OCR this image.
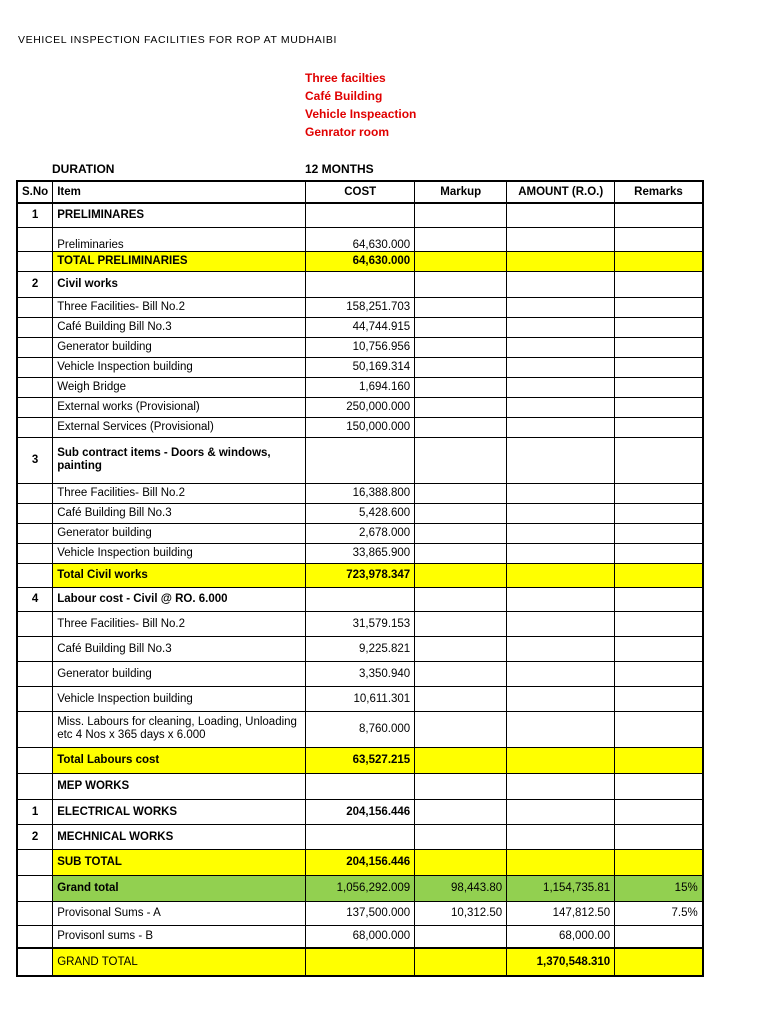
VEHICEL INSPECTION FACILITIES FOR ROP AT MUDHAIBI
Three facilties
Café Building
Vehicle Inspeaction
Genrator room
DURATION	12 MONTHS
S.No	Item	COST	Markup	AMOUNT (R.O.)	Remarks
1	PRELIMINARES				
	Preliminaries	64,630.000			
	TOTAL PRELIMINARIES	64,630.000			
2	Civil works				
	Three Facilities- Bill No.2	158,251.703			
	Café Building Bill No.3	44,744.915			
	Generator building	10,756.956			
	Vehicle Inspection building	50,169.314			
	Weigh Bridge	1,694.160			
	External works (Provisional)	250,000.000			
	External Services (Provisional)	150,000.000			
3	Sub contract items - Doors & windows, painting				
	Three Facilities- Bill No.2	16,388.800			
	Café Building Bill No.3	5,428.600			
	Generator building	2,678.000			
	Vehicle Inspection building	33,865.900			
	Total Civil works	723,978.347			
4	Labour cost - Civil @ RO. 6.000				
	Three Facilities- Bill No.2	31,579.153			
	Café Building Bill No.3	9,225.821			
	Generator building	3,350.940			
	Vehicle Inspection building	10,611.301			
	Miss. Labours for cleaning, Loading, Unloading etc 4 Nos x 365 days x 6.000	8,760.000			
	Total Labours cost	63,527.215			
	MEP WORKS				
1	ELECTRICAL WORKS	204,156.446			
2	MECHNICAL WORKS				
	SUB TOTAL	204,156.446			
	Grand total	1,056,292.009	98,443.80	1,154,735.81	15%
	Provisonal Sums - A	137,500.000	10,312.50	147,812.50	7.5%
	Provisonl sums - B	68,000.000		68,000.00	
	GRAND TOTAL			1,370,548.310	
